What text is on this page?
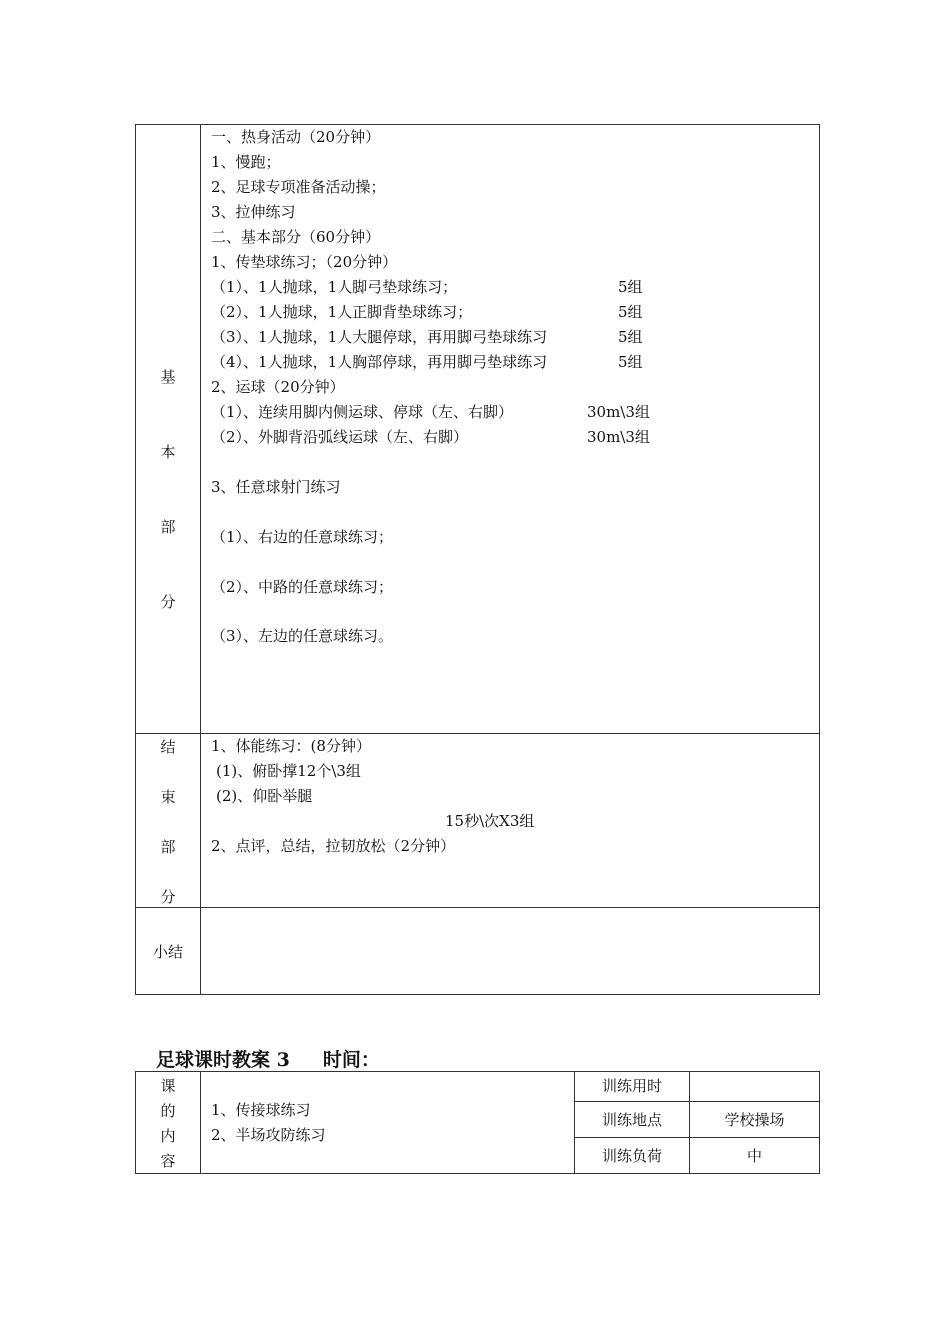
基
本
部
分
一、热身活动（20分钟）
1、慢跑；
2、足球专项准备活动操；
3、拉伸练习
二、基本部分（60分钟）
1、传垫球练习；（20分钟）
（1）、1人抛球，1人脚弓垫球练习；
（2）、1人抛球，1人正脚背垫球练习；
（3）、1人抛球，1人大腿停球，再用脚弓垫球练习
（4）、1人抛球，1人胸部停球，再用脚弓垫球练习
2、运球（20分钟）
（1）、连续用脚内侧运球、停球（左、右脚）
（2）、外脚背沿弧线运球（左、右脚）
3、任意球射门练习
（1）、右边的任意球练习；
（2）、中路的任意球练习；
（3）、左边的任意球练习。
5组
5组
5组
5组
30m\3组
30m\3组
结
束
部
分
1、体能练习：(8分钟）
(1)、俯卧撑12个\3组
(2)、仰卧举腿
15秒\次X3组
2、点评，总结，拉韧放松（2分钟）
小结
足球课时教案 3     时间：
课
的
内
容
1、传接球练习
2、半场攻防练习
训练用时
训练地点	学校操场
训练负荷	中
